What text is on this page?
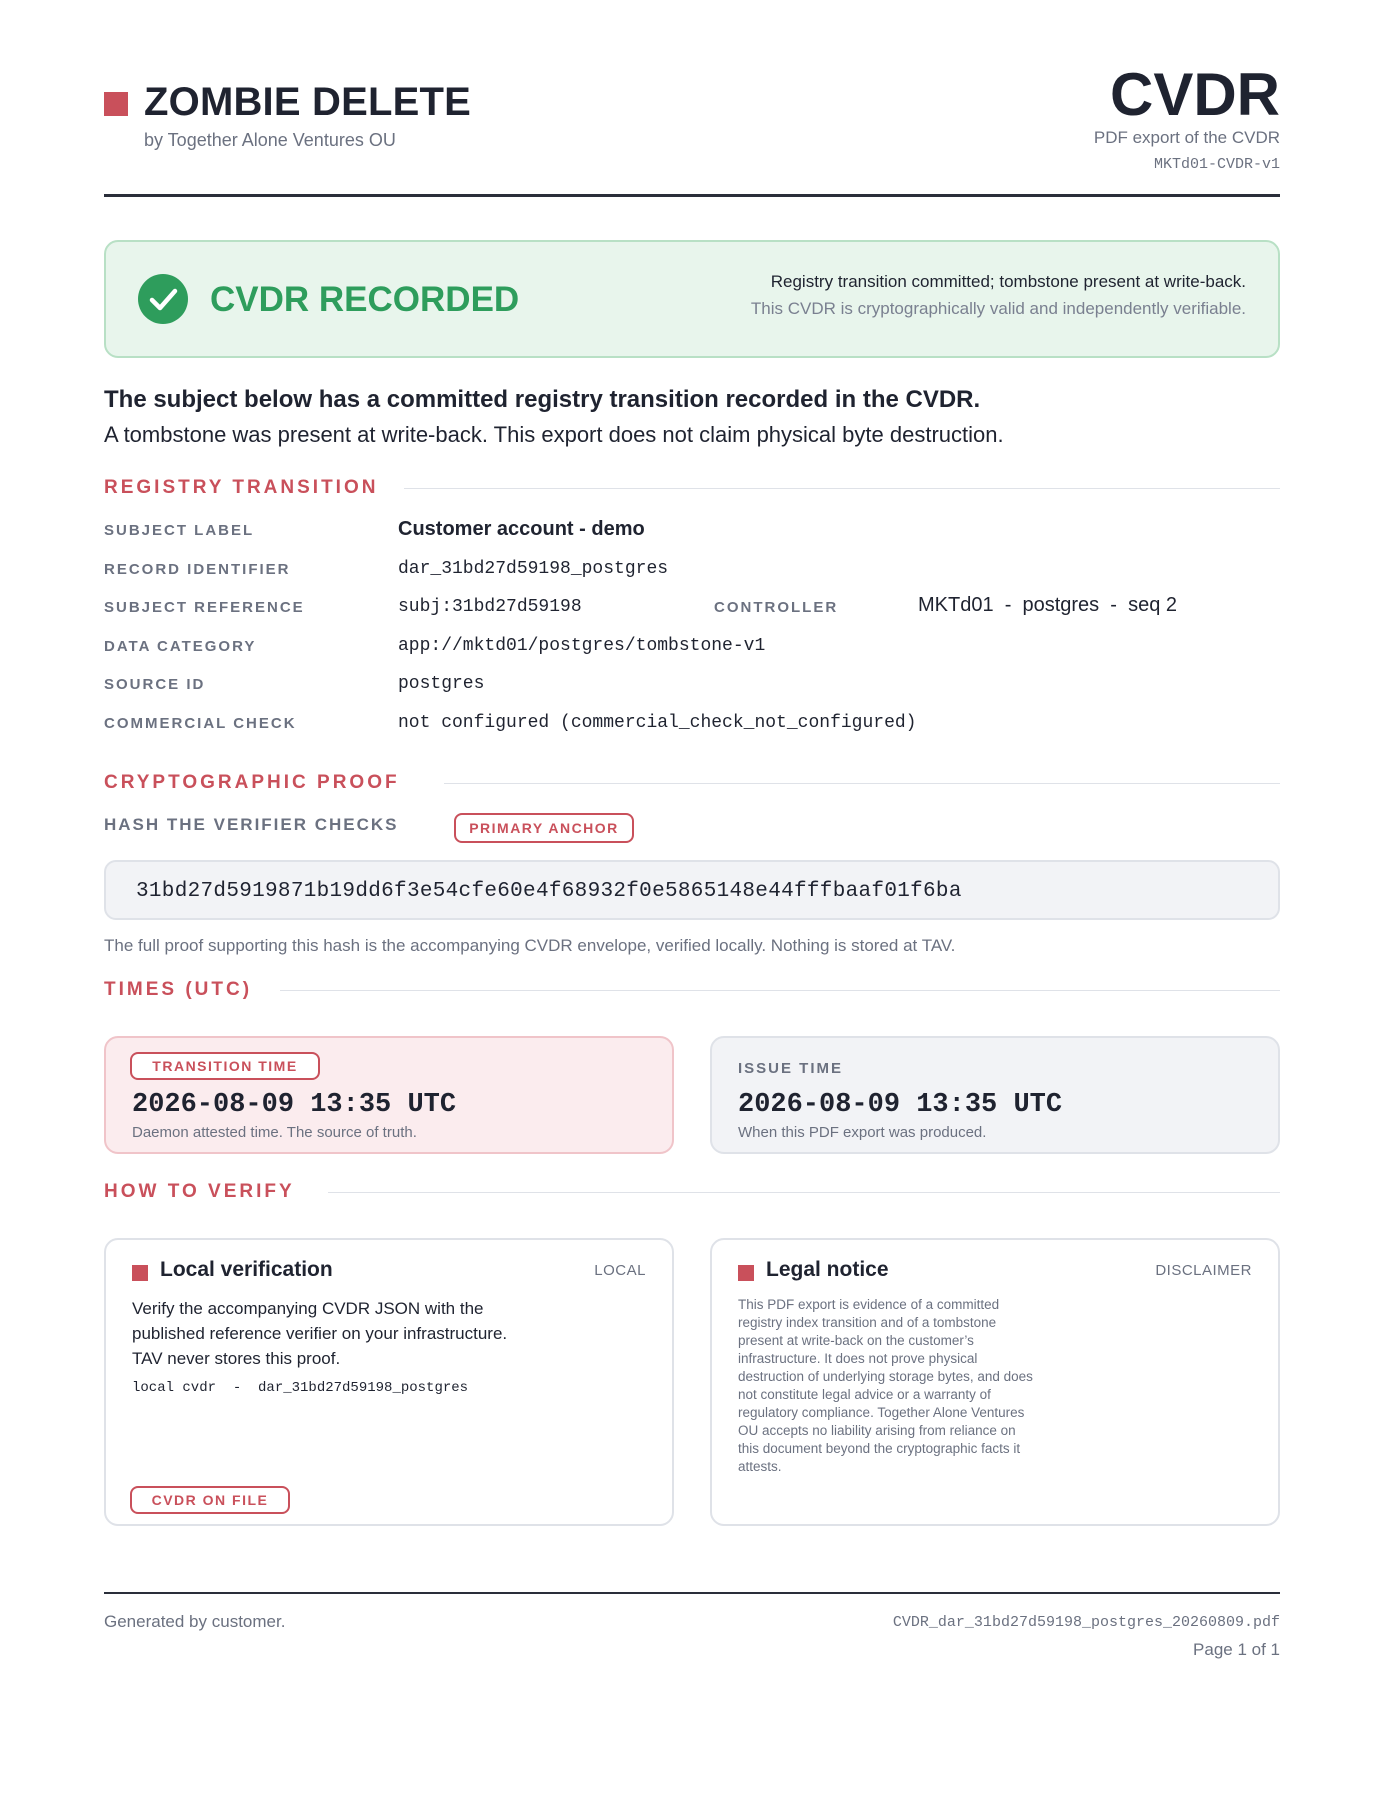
ZOMBIE DELETE
by Together Alone Ventures OU
CVDR
PDF export of the CVDR
MKTd01-CVDR-v1
CVDR RECORDED	Registry transition committed; tombstone present at write-back.
This CVDR is cryptographically valid and independently verifiable.
The subject below has a committed registry transition recorded in the CVDR.
A tombstone was present at write-back. This export does not claim physical byte destruction.
REGISTRY TRANSITION
SUBJECT LABEL	Customer account - demo
RECORD IDENTIFIER	dar_31bd27d59198_postgres
SUBJECT REFERENCE	subj:31bd27d59198	CONTROLLER	MKTd01  -  postgres  -  seq 2
DATA CATEGORY	app://mktd01/postgres/tombstone-v1
SOURCE ID	postgres
COMMERCIAL CHECK	not configured (commercial_check_not_configured)
CRYPTOGRAPHIC PROOF
HASH THE VERIFIER CHECKS	PRIMARY ANCHOR
31bd27d5919871b19dd6f3e54cfe60e4f68932f0e5865148e44fffbaaf01f6ba
The full proof supporting this hash is the accompanying CVDR envelope, verified locally. Nothing is stored at TAV.
TIMES (UTC)
TRANSITION TIME
2026-08-09 13:35 UTC
Daemon attested time. The source of truth.
ISSUE TIME
2026-08-09 13:35 UTC
When this PDF export was produced.
HOW TO VERIFY
Local verification	LOCAL
Verify the accompanying CVDR JSON with the published reference verifier on your infrastructure. TAV never stores this proof.
local cvdr  -  dar_31bd27d59198_postgres
CVDR ON FILE
Legal notice	DISCLAIMER
This PDF export is evidence of a committed registry index transition and of a tombstone present at write-back on the customer’s infrastructure. It does not prove physical destruction of underlying storage bytes, and does not constitute legal advice or a warranty of regulatory compliance. Together Alone Ventures OU accepts no liability arising from reliance on this document beyond the cryptographic facts it attests.
Generated by customer.	CVDR_dar_31bd27d59198_postgres_20260809.pdf
Page 1 of 1
